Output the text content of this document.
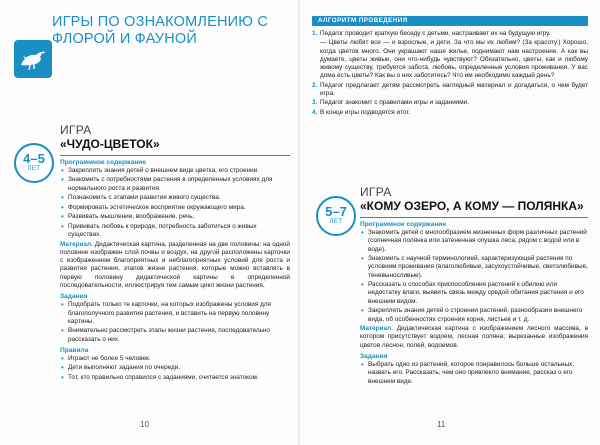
ИГРЫ ПО ОЗНАКОМЛЕНИЮ С ФЛОРОЙ И ФАУНОЙ
4–5
ЛЕТ
ИГРА
«ЧУДО-ЦВЕТОК»
Программное содержание
• Закреплять знания детей о внешнем виде цветка, его строении.
• Знакомить с потребностями растения в определенных условиях для нормального роста и развития.
• Познакомить с этапами развития живого существа.
• Формировать эстетическое восприятие окружающего мира.
• Развивать мышление, воображение, речь.
• Прививать любовь к природе, потребность заботиться о живых существах.
Материал. Дидактическая картина, разделенная на две половины: на одной половине изображен слой почвы и воздух, на другой расположены карточки с изображением благоприятных и неблагоприятных условий для роста и развития растения, этапов жизни растения, которые можно вставлять в первую половину дидактической картины в определенной последовательности, иллюстрируя тем самым цикл жизни растения.
Задания
• Подобрать только те карточки, на которых изображены условия для благополучного развития растения, и вставить на первую половину картины.
• Внимательно рассмотреть этапы жизни растения, последовательно рассказать о них.
Правила
• Играют не более 5 человек.
• Дети выполняют задания по очереди.
• Тот, кто правильно справился с заданиями, считается знатоком.
10
АЛГОРИТМ ПРОВЕДЕНИЯ
1. Педагог проводит краткую беседу с детьми, настраивает их на будущую игру.
— Цветы любят все — и взрослые, и дети. За что мы их любим? (За красоту.) Хорошо, когда цветов много. Они украшают наше жилье, поднимают нам настроение. А как вы думаете, цветы живые, они что-нибудь чувствуют? Обязательно, цветы, как и любому живому существу, требуется забота, любовь, определенные условия проживания. У вас дома есть цветы? Как вы о них заботитесь? Что им необходимо каждый день?
2. Педагог предлагает детям рассмотреть наглядный материал и догадаться, о чем будет игра.
3. Педагог знакомит с правилами игры и заданиями.
4. В конце игры подводятся итог.
5–7
ЛЕТ
ИГРА
«КОМУ ОЗЕРО, А КОМУ — ПОЛЯНКА»
Программное содержание
• Знакомить детей с многообразием жизненных форм различных растений (солнечная полянка или затененная опушка леса, рядом с водой или в воде).
• Знакомить с научной терминологией, характеризующей растения по условиям проживания (влаголюбивые, засухоустойчивые, светолюбивые, теневыносливые).
• Рассказать о способах приспособления растений к обилию или недостатку влаги, выявить связь между средой обитания растения и его внешним видом.
• Закреплять знания детей о строении растений, разнообразии внешнего вида, об особенностях строения корня, листьев и т. д.
Материал. Дидактическая картина с изображением лесного массива, в котором присутствует водоем, лесная поляна; вырезанные изображения цветов лесное, полей, водоемов.
Задания
• Выбрать одно из растений, которое понравилось больше остальных, назвать его. Рассказать, чем оно привлекло внимание, рассказ о его внешнем виде.
11
